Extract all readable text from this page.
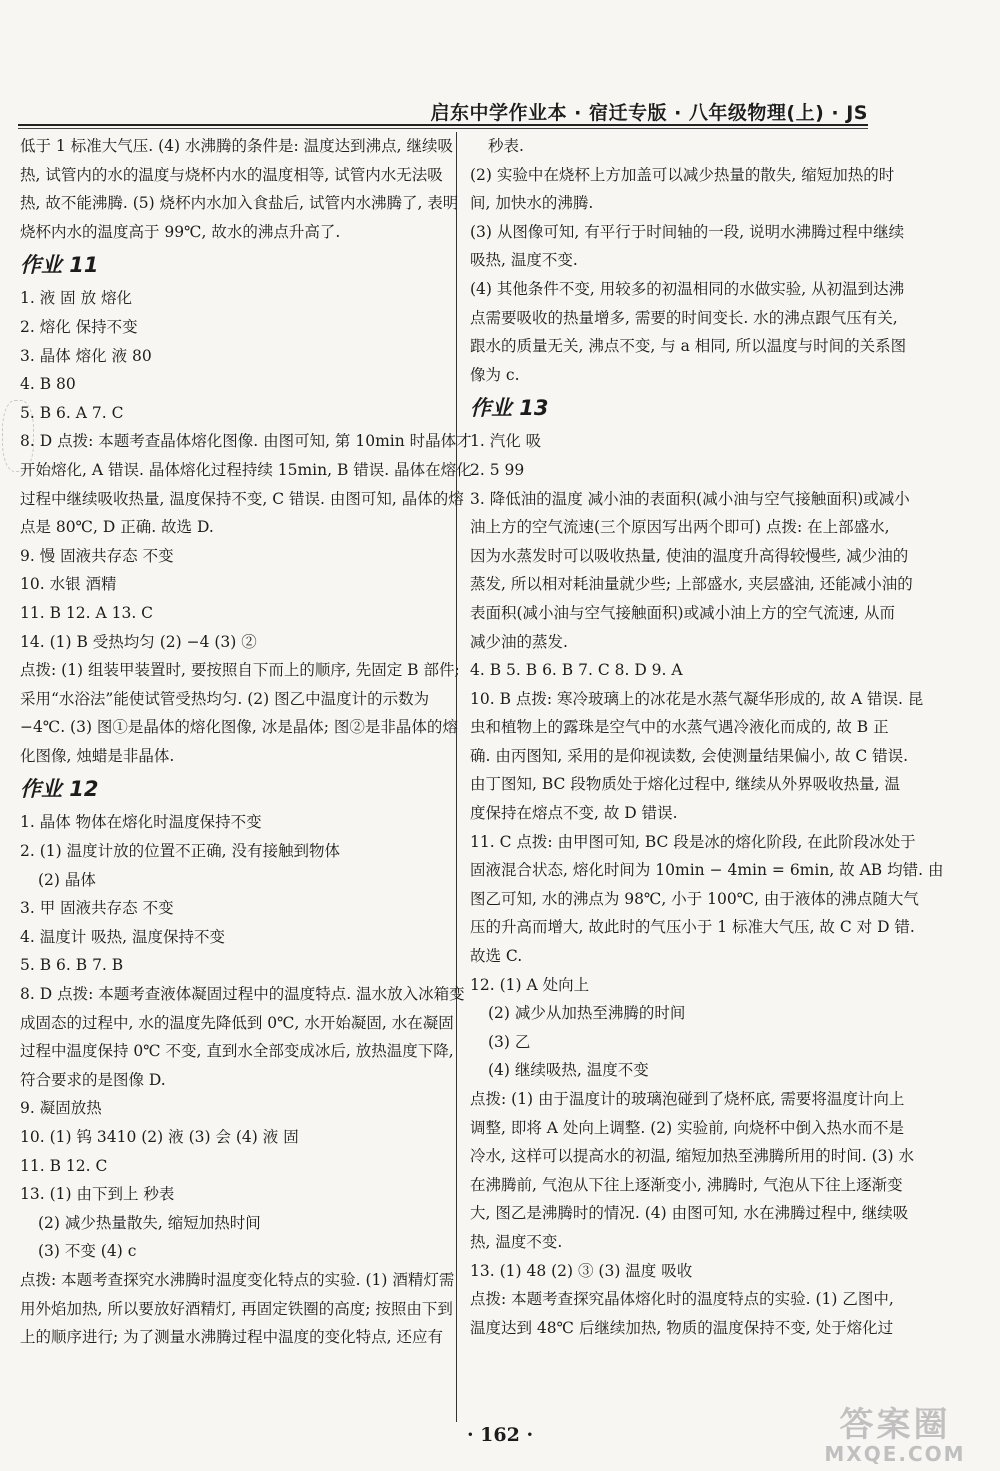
启东中学作业本 · 宿迁专版 · 八年级物理(上) · JS
低于 1 标准大气压. (4) 水沸腾的条件是: 温度达到沸点, 继续吸
热, 试管内的水的温度与烧杯内水的温度相等, 试管内水无法吸
热, 故不能沸腾. (5) 烧杯内水加入食盐后, 试管内水沸腾了, 表明
烧杯内水的温度高于 99℃, 故水的沸点升高了.
作业 11
1. 液 固 放 熔化
2. 熔化 保持不变
3. 晶体 熔化 液 80
4. B 80
5. B 6. A 7. C
8. D 点拨: 本题考查晶体熔化图像. 由图可知, 第 10min 时晶体才
开始熔化, A 错误. 晶体熔化过程持续 15min, B 错误. 晶体在熔化
过程中继续吸收热量, 温度保持不变, C 错误. 由图可知, 晶体的熔
点是 80℃, D 正确. 故选 D.
9. 慢 固液共存态 不变
10. 水银 酒精
11. B 12. A 13. C
14. (1) B 受热均匀 (2) −4 (3) ②
点拨: (1) 组装甲装置时, 要按照自下而上的顺序, 先固定 B 部件;
采用“水浴法”能使试管受热均匀. (2) 图乙中温度计的示数为
−4℃. (3) 图①是晶体的熔化图像, 冰是晶体; 图②是非晶体的熔
化图像, 烛蜡是非晶体.
作业 12
1. 晶体 物体在熔化时温度保持不变
2. (1) 温度计放的位置不正确, 没有接触到物体
(2) 晶体
3. 甲 固液共存态 不变
4. 温度计 吸热, 温度保持不变
5. B 6. B 7. B
8. D 点拨: 本题考查液体凝固过程中的温度特点. 温水放入冰箱变
成固态的过程中, 水的温度先降低到 0℃, 水开始凝固, 水在凝固
过程中温度保持 0℃ 不变, 直到水全部变成冰后, 放热温度下降,
符合要求的是图像 D.
9. 凝固放热
10. (1) 钨 3410 (2) 液 (3) 会 (4) 液 固
11. B 12. C
13. (1) 由下到上 秒表
(2) 减少热量散失, 缩短加热时间
(3) 不变 (4) c
点拨: 本题考查探究水沸腾时温度变化特点的实验. (1) 酒精灯需
用外焰加热, 所以要放好酒精灯, 再固定铁圈的高度; 按照由下到
上的顺序进行; 为了测量水沸腾过程中温度的变化特点, 还应有
秒表.
(2) 实验中在烧杯上方加盖可以减少热量的散失, 缩短加热的时
间, 加快水的沸腾.
(3) 从图像可知, 有平行于时间轴的一段, 说明水沸腾过程中继续
吸热, 温度不变.
(4) 其他条件不变, 用较多的初温相同的水做实验, 从初温到达沸
点需要吸收的热量增多, 需要的时间变长. 水的沸点跟气压有关,
跟水的质量无关, 沸点不变, 与 a 相同, 所以温度与时间的关系图
像为 c.
作业 13
1. 汽化 吸
2. 5 99
3. 降低油的温度 减小油的表面积(减小油与空气接触面积)或减小
油上方的空气流速(三个原因写出两个即可) 点拨: 在上部盛水,
因为水蒸发时可以吸收热量, 使油的温度升高得较慢些, 减少油的
蒸发, 所以相对耗油量就少些; 上部盛水, 夹层盛油, 还能减小油的
表面积(减小油与空气接触面积)或减小油上方的空气流速, 从而
减少油的蒸发.
4. B 5. B 6. B 7. C 8. D 9. A
10. B 点拨: 寒冷玻璃上的冰花是水蒸气凝华形成的, 故 A 错误. 昆
虫和植物上的露珠是空气中的水蒸气遇冷液化而成的, 故 B 正
确. 由丙图知, 采用的是仰视读数, 会使测量结果偏小, 故 C 错误.
由丁图知, BC 段物质处于熔化过程中, 继续从外界吸收热量, 温
度保持在熔点不变, 故 D 错误.
11. C 点拨: 由甲图可知, BC 段是冰的熔化阶段, 在此阶段冰处于
固液混合状态, 熔化时间为 10min − 4min = 6min, 故 AB 均错. 由
图乙可知, 水的沸点为 98℃, 小于 100℃, 由于液体的沸点随大气
压的升高而增大, 故此时的气压小于 1 标准大气压, 故 C 对 D 错.
故选 C.
12. (1) A 处向上
(2) 减少从加热至沸腾的时间
(3) 乙
(4) 继续吸热, 温度不变
点拨: (1) 由于温度计的玻璃泡碰到了烧杯底, 需要将温度计向上
调整, 即将 A 处向上调整. (2) 实验前, 向烧杯中倒入热水而不是
冷水, 这样可以提高水的初温, 缩短加热至沸腾所用的时间. (3) 水
在沸腾前, 气泡从下往上逐渐变小, 沸腾时, 气泡从下往上逐渐变
大, 图乙是沸腾时的情况. (4) 由图可知, 水在沸腾过程中, 继续吸
热, 温度不变.
13. (1) 48 (2) ③ (3) 温度 吸收
点拨: 本题考查探究晶体熔化时的温度特点的实验. (1) 乙图中,
温度达到 48℃ 后继续加热, 物质的温度保持不变, 处于熔化过
· 162 ·	答案圈
MXQE.COM
